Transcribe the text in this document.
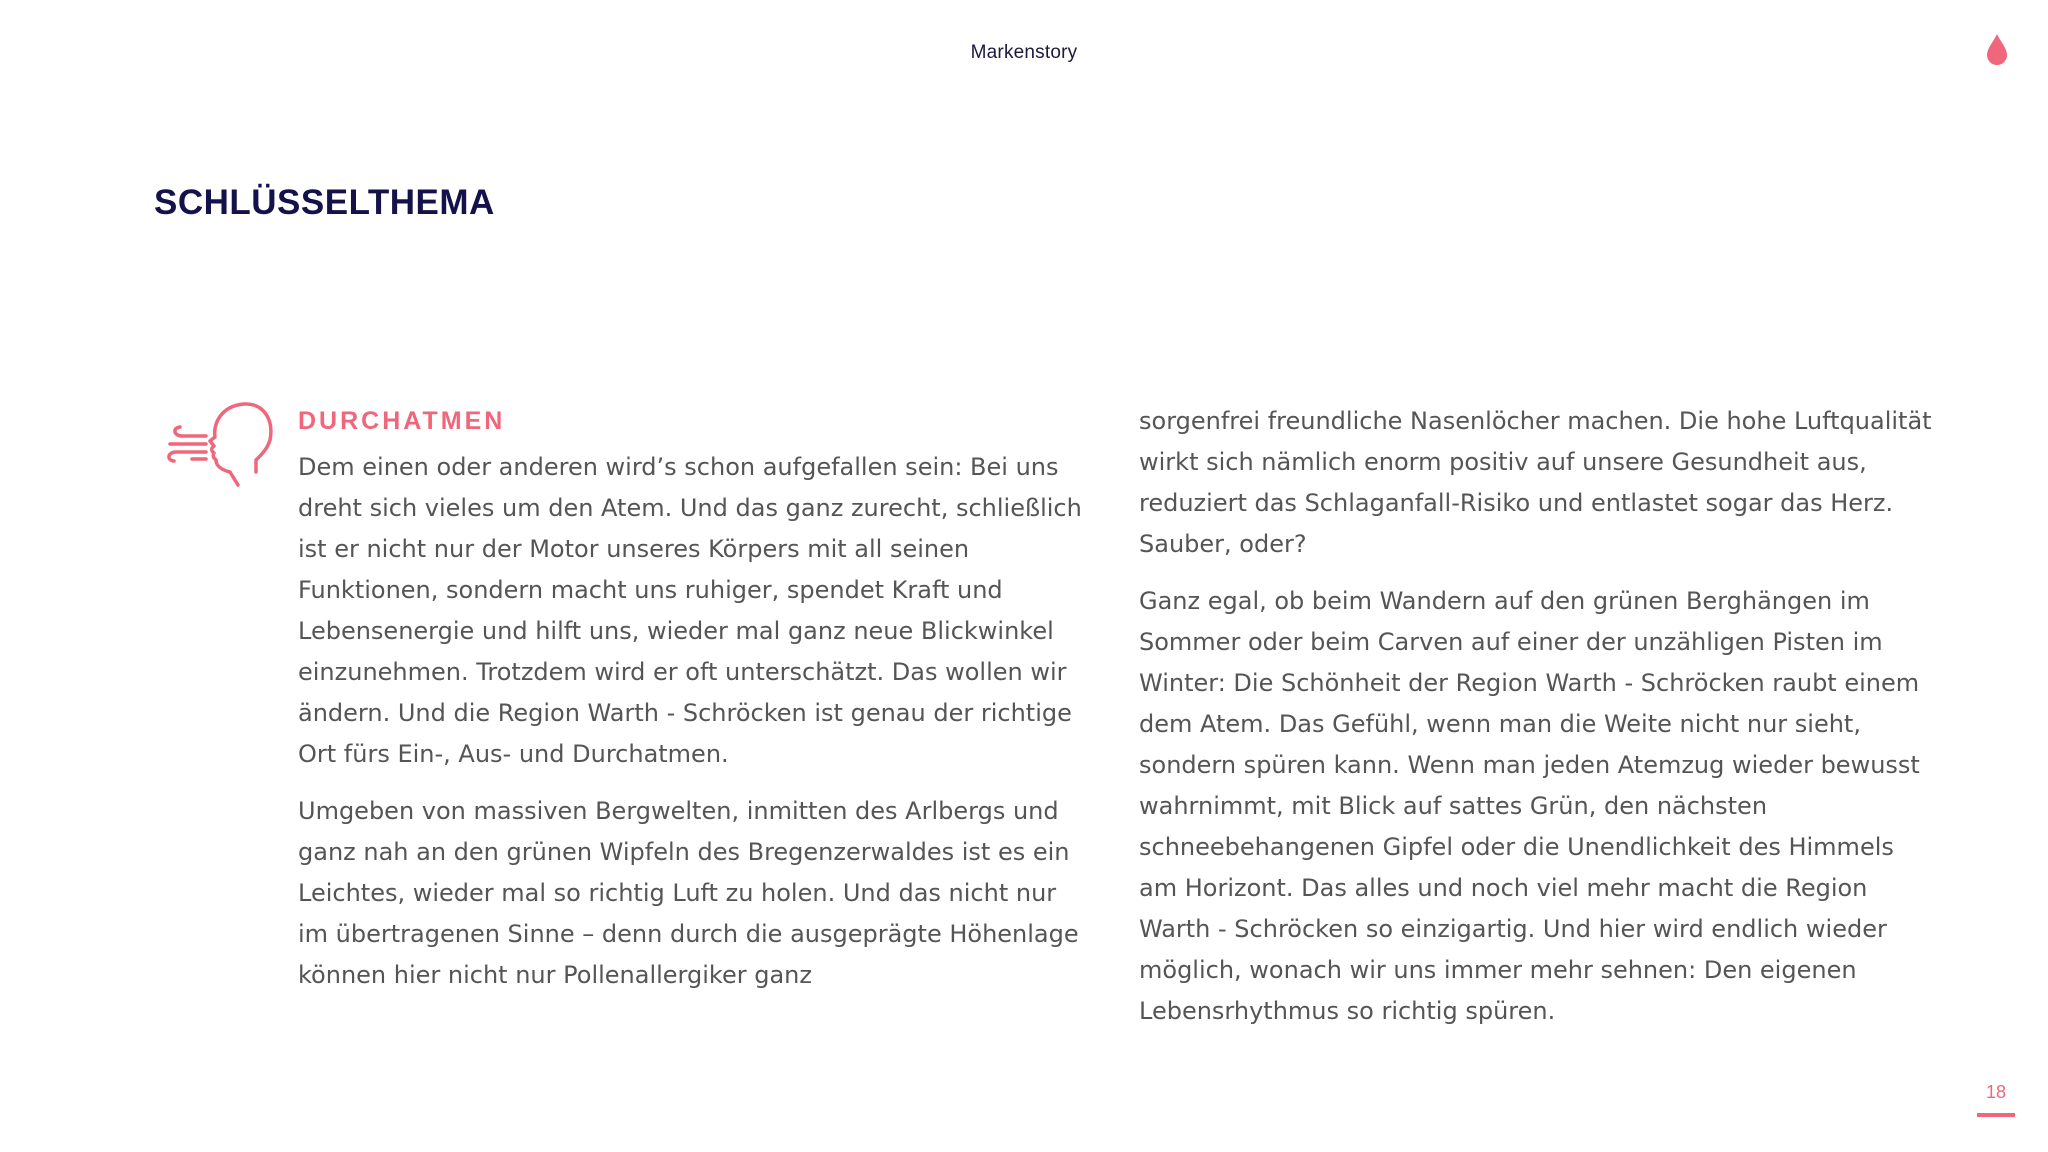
Markenstory
SCHLÜSSELTHEMA
DURCHATMEN

Dem einen oder anderen wird’s schon aufgefallen sein: Bei uns dreht sich vieles um den Atem. Und das ganz zurecht, schließlich ist er nicht nur der Motor unseres Körpers mit all seinen Funktionen, sondern macht uns ruhiger, spendet Kraft und Lebensenergie und hilft uns, wieder mal ganz neue Blickwinkel einzunehmen. Trotzdem wird er oft unterschätzt. Das wollen wir ändern. Und die Region Warth - Schröcken ist genau der richtige Ort fürs Ein-, Aus- und Durchatmen.

Umgeben von massiven Bergwelten, inmitten des Arlbergs und ganz nah an den grünen Wipfeln des Bregenzerwaldes ist es ein Leichtes, wieder mal so richtig Luft zu holen. Und das nicht nur im übertragenen Sinne – denn durch die ausgeprägte Höhenlage können hier nicht nur Pollenallergiker ganz

sorgenfrei freundliche Nasenlöcher machen. Die hohe Luftqualität wirkt sich nämlich enorm positiv auf unsere Gesundheit aus, reduziert das Schlaganfall-Risiko und entlastet sogar das Herz. Sauber, oder?

Ganz egal, ob beim Wandern auf den grünen Berghängen im Sommer oder beim Carven auf einer der unzähligen Pisten im Winter: Die Schönheit der Region Warth - Schröcken raubt einem dem Atem. Das Gefühl, wenn man die Weite nicht nur sieht, sondern spüren kann. Wenn man jeden Atemzug wieder bewusst wahrnimmt, mit Blick auf sattes Grün, den nächsten schneebehangenen Gipfel oder die Unendlichkeit des Himmels am Horizont. Das alles und noch viel mehr macht die Region Warth - Schröcken so einzigartig. Und hier wird endlich wieder möglich, wonach wir uns immer mehr sehnen: Den eigenen Lebensrhythmus so richtig spüren.

18
